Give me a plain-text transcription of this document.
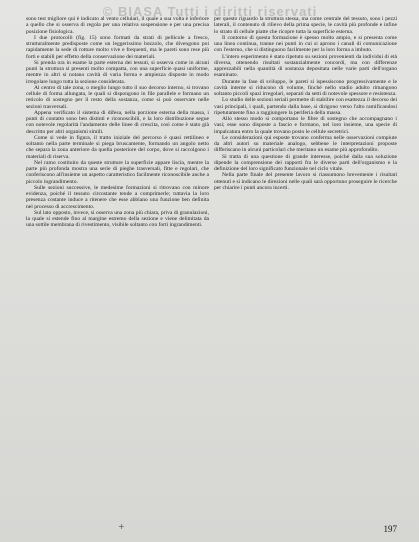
© BIASA Tutti i diritti riservati

sono test migliore qui è indicato al vento cellulari, il quale a sua volta è inferiore a quello che si osserva di regola per una relativa sospensione e per una precisa posizione fisiologica.

I due protocolli (fig. 15) sono formati da strati di pellicole a fresco, strutturalmente predisposte come un leggerissimo bozzolo, che divengono poi rapidamente la sede di rotture molto vive e frequenti, ma le pareti sono rese più forti e stabili per effetto della conservazione dei materiali.

Si prenda ora in esame la parte esterna dei tessuti, si osserva come in alcuni punti la struttura si presenti molto compatta, con una superficie quasi uniforme, mentre in altri si notano cavità di varia forma e ampiezza disposte in modo irregolare lungo tutta la sezione considerata.

Al centro di tale zona, o meglio lungo tutto il suo decorso interno, si trovano cellule di forma allungata, le quali si dispongono in file parallele e formano un reticolo di sostegno per il resto della sostanza, come si può osservare nelle sezioni trasversali.

Appena verificato il sistema di difesa, nella porzione esterna della massa, i punti di contatto sono ben distinti e riconoscibili, e la loro distribuzione segue con notevole regolarità l'andamento delle linee di crescita, così come è stato già descritto per altri organismi simili.

Come si vede in figura, il tratto iniziale del percorso è quasi rettilineo e soltanto nella parte terminale si piega bruscamente, formando un angolo netto che separa la zona anteriore da quella posteriore del corpo, dove si raccolgono i materiali di riserva.

Nel ramo costituito da queste strutture la superficie appare liscia, mentre la parte più profonda mostra una serie di pieghe trasversali, fitte e regolari, che conferiscono all'insieme un aspetto caratteristico facilmente riconoscibile anche a piccolo ingrandimento.

Sulle sezioni successive, le medesime formazioni si ritrovano con minore evidenza, poiché il tessuto circostante tende a comprimerle; tuttavia la loro presenza costante induce a ritenere che esse abbiano una funzione ben definita nel processo di accrescimento.

Sul lato opposto, invece, si osserva una zona più chiara, priva di granulazioni, la quale si estende fino al margine estremo della sezione e viene delimitata da una sottile membrana di rivestimento, visibile soltanto con forti ingrandimenti.

per questo riguardo la struttura stessa, ma come centrale del tessuto, sono i pezzi laterali, il contenuto di rilievo della prima specie, le cavità più profonde e infine lo strato di cellule piatte che ricopre tutta la superficie esterna.

Il contorno di questa formazione è spesso molto ampio, e si presenta come una linea continua, tranne nei punti in cui si aprono i canali di comunicazione con l'esterno, che si distinguono facilmente per la loro forma a imbuto.

L'intero esperimento è stato ripetuto su sezioni provenienti da individui di età diversa, ottenendo risultati sostanzialmente concordi, ma con differenze apprezzabili nella quantità di sostanza depositata nelle varie parti dell'organo esaminato.

Durante la fase di sviluppo, le pareti si ispessiscono progressivamente e le cavità interne si riducono di volume, finché nello stadio adulto rimangono soltanto piccoli spazi irregolari, separati da setti di notevole spessore e resistenza.

Lo studio delle sezioni seriali permette di stabilire con esattezza il decorso dei vasi principali, i quali, partendo dalla base, si dirigono verso l'alto ramificandosi ripetutamente fino a raggiungere la periferia della massa.

Allo stesso modo si comportano le fibre di sostegno che accompagnano i vasi; esse sono disposte a fascio e formano, nel loro insieme, una specie di impalcatura entro la quale trovano posto le cellule secretrici.

Le considerazioni qui esposte trovano conferma nelle osservazioni compiute da altri autori su materiale analogo, sebbene le interpretazioni proposte differiscano in alcuni particolari che meritano un esame più approfondito.

Si tratta di una questione di grande interesse, poiché dalla sua soluzione dipende la comprensione dei rapporti fra le diverse parti dell'organismo e la definizione del loro significato funzionale nel ciclo vitale.

Nella parte finale del presente lavoro si riassumono brevemente i risultati ottenuti e si indicano le direzioni nelle quali sarà opportuno proseguire le ricerche per chiarire i punti ancora incerti.

+	197
